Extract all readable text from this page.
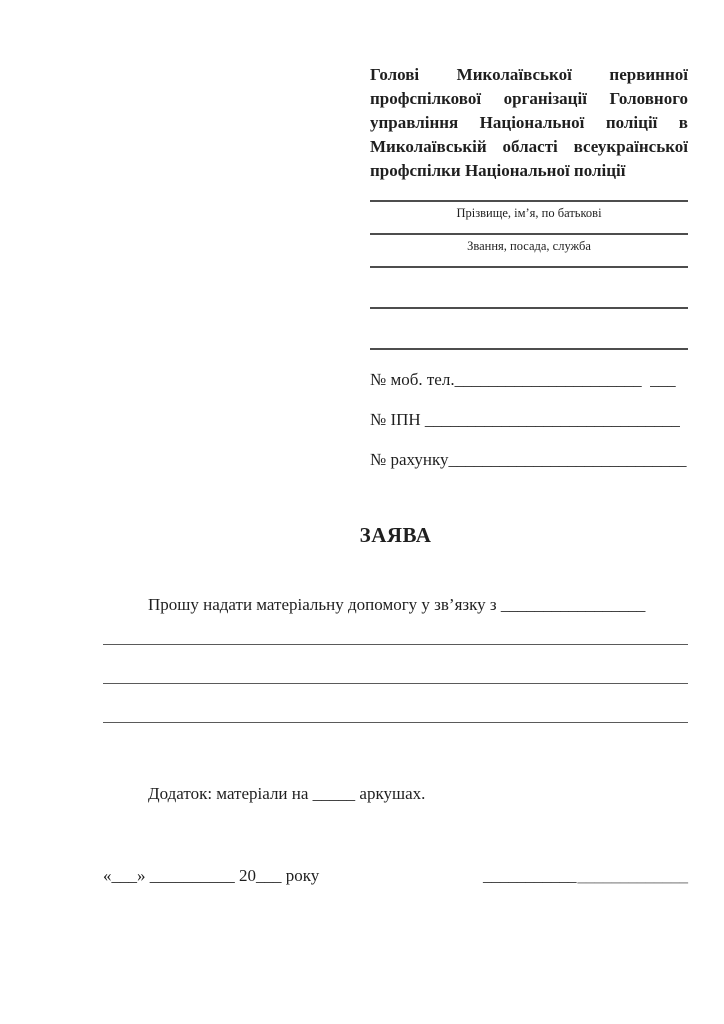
Голові Миколаївської первинної
профспілкової організації Головного
управління Національної поліції в
Миколаївській області всеукраїнської
профспілки Національної поліції
Прізвище, ім’я, по батькові
Звання, посада, служба
№ моб. тел.______________________  ___
№ ІПН ______________________________
№ рахунку____________________________
ЗАЯВА

Прошу надати матеріальну допомогу у зв’язку з _________________

Додаток: матеріали на _____ аркушах.

«___» __________ 20___ року	________________________
